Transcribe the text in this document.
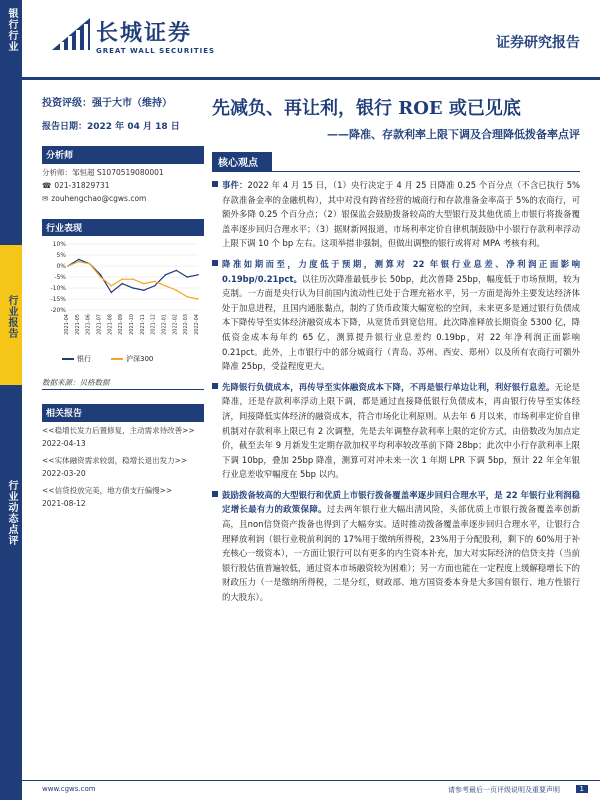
银行行业
行业报告
行业动态点评
长城证券
GREAT WALL SECURITIES	证券研究报告
投资评级：强于大市（维持）
报告日期：2022 年 04 月 18 日
分析师
分析师：邹恒超 S1070519080001
☎ 021-31829731
✉ zouhengchao@cgws.com
行业表现
10%
5%
0%
-5%
-10%
-15%
-20%
2021-04 2021-05 2021-06 2021-07 2021-08 2021-09 2021-10 2021-11 2021-12 2022-01 2022-02 2022-03 2022-04
银行	沪深300
数据来源：贝格数据
相关报告
<<稳增长发力后置修复，主动需求待改善>>
2022-04-13
<<实体融资需求较弱，稳增长退出发力>>
2022-03-20
<<信贷投放完美，地方债支行偏慢>>
2021-08-12
先减负、再让利，银行 ROE 或已见底
——降准、存款利率上限下调及合理降低拨备率点评
核心观点

事件：2022 年 4 月 15 日，（1）央行决定于 4 月 25 日降准 0.25 个百分点（不含已执行 5%存款准备金率的金融机构），其中对没有跨省经营的城商行和存款准备金率高于 5%的农商行，可额外多降 0.25 个百分点；（2）银保监会鼓励拨备较高的大型银行及其他优质上市银行将拨备覆盖率逐步回归合理水平；（3）据财新网报道，市场利率定价自律机制鼓励中小银行存款利率浮动上限下调 10 个 bp 左右。这项举措非强制，但做出调整的银行或将对 MPA 考核有利。

降准如期而至，力度低于预期，测算对 22 年银行业息差、净利润正面影响 0.19bp/0.21pct。以往历次降准最低步长 50bp，此次普降 25bp，幅度低于市场预期，较为克制。一方面是央行认为目前国内流动性已处于合理充裕水平，另一方面是海外主要发达经济体处于加息进程，且国内通胀黏点，制约了货币政策大幅宽松的空间，未来更多是通过银行负债成本下降传导至实体经济融资成本下降，从宽货币到宽信用。此次降准释放长期资金 5300 亿，降低资金成本每年约 65 亿，测算提升银行业息差约 0.19bp，对 22 年净利润正面影响 0.21pct。此外，上市银行中的部分城商行（青岛、苏州、西安、郑州）以及所有农商行可额外降准 25bp，受益程度更大。

先降银行负债成本，再传导至实体融资成本下降，不再是银行单边让利，利好银行息差。无论是降准，还是存款利率浮动上限下调，都是通过直接降低银行负债成本，再由银行传导至实体经济，间接降低实体经济的融资成本，符合市场化让利原则。从去年 6 月以来，市场利率定价自律机制对存款利率上限已有 2 次调整，先是去年调整存款利率上限的定价方式，由倍数改为加点定价，截至去年 9 月新发生定期存款加权平均利率较改革前下降 28bp；此次中小行存款利率上限下调 10bp，叠加 25bp 降准，测算可对冲未来一次 1 年期 LPR 下调 5bp，预计 22 年全年银行业息差收窄幅度在 5bp 以内。

鼓励拨备较高的大型银行和优质上市银行拨备覆盖率逐步回归合理水平，是 22 年银行业利润稳定增长最有力的政策保障。过去两年银行业大幅出清风险，头部优质上市银行拨备覆盖率创新高，且non信贷资产拨备也得到了大幅夯实。适时推动拨备覆盖率逐步回归合理水平，让银行合理释放利润（银行业税前利润的 17%用于缴纳所得税，23%用于分配股利，剩下的 60%用于补充核心一级资本），一方面让银行可以有更多的内生资本补充，加大对实际经济的信贷支持（当前银行股估值普遍较低，通过资本市场融资较为困难）；另一方面也能在一定程度上缓解稳增长下的财政压力（一是缴纳所得税，二是分红，财政部、地方国资委本身是大多国有银行、地方性银行的大股东）。

www.cgws.com	请参考最后一页评级说明及重要声明	1
